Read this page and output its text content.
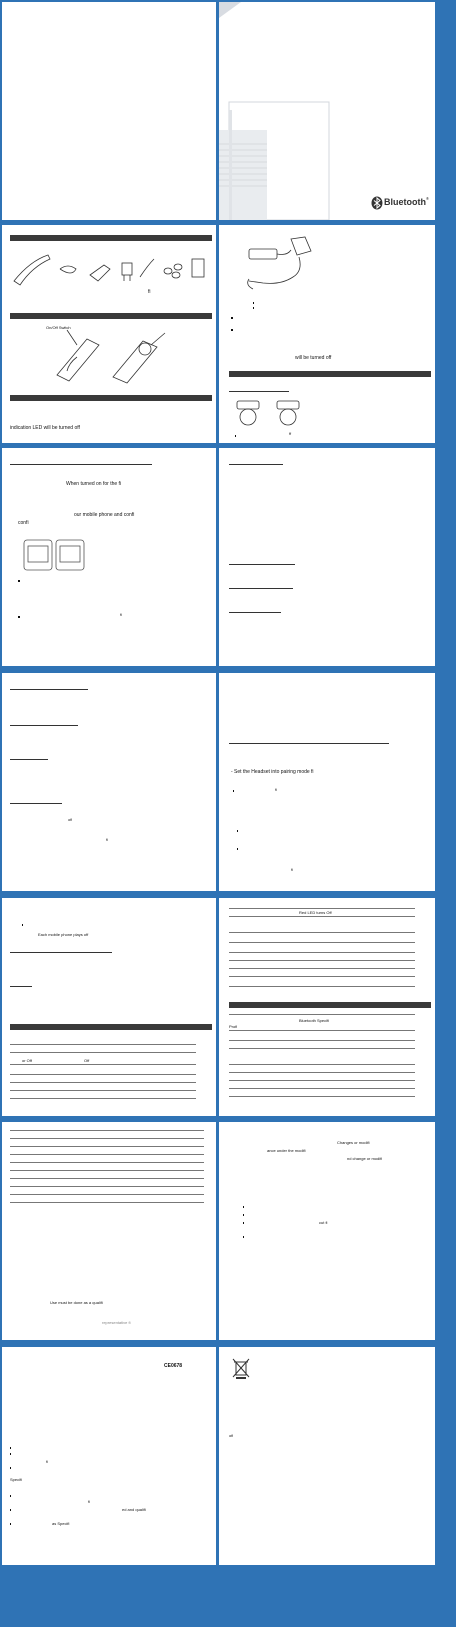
Bluetooth ®
fi
On/Off Switch
indication LED will be turned off
will be turned off
ff
When turned on for the fi
our mobile phone and confi
confi
fi
ofi
fi
- Set the Headset into pairing mode fi
fi
fi
Each mobile phone plays off
or Off	Off
Red LED turns Off
Bluetooth Specifi
Profi
Use must be done as a qualifi
representative fi
Changes or modifi
ance under the modifi
nd change or modifi
cut fi
CE0678
fi
Specifi
fi
ed and qualifi
as Specifi
ofi
